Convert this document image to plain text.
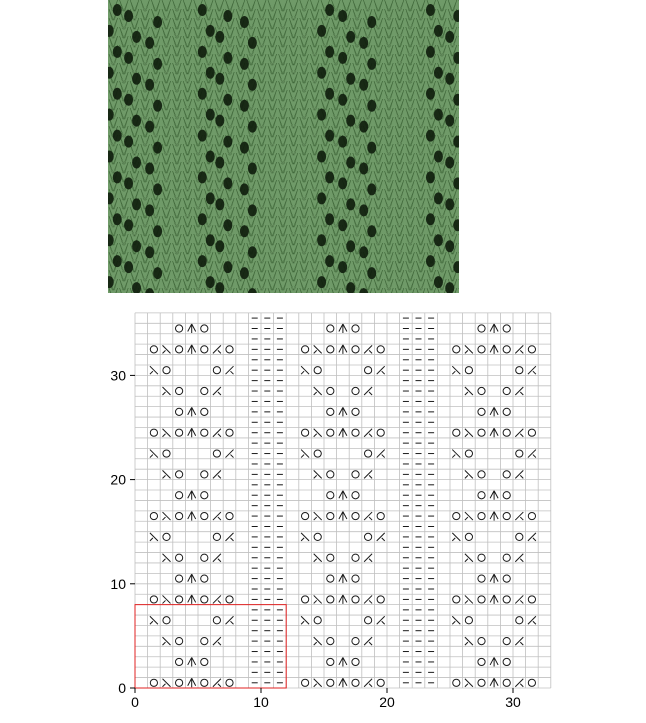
0	10	20	30
0
10
20
30
